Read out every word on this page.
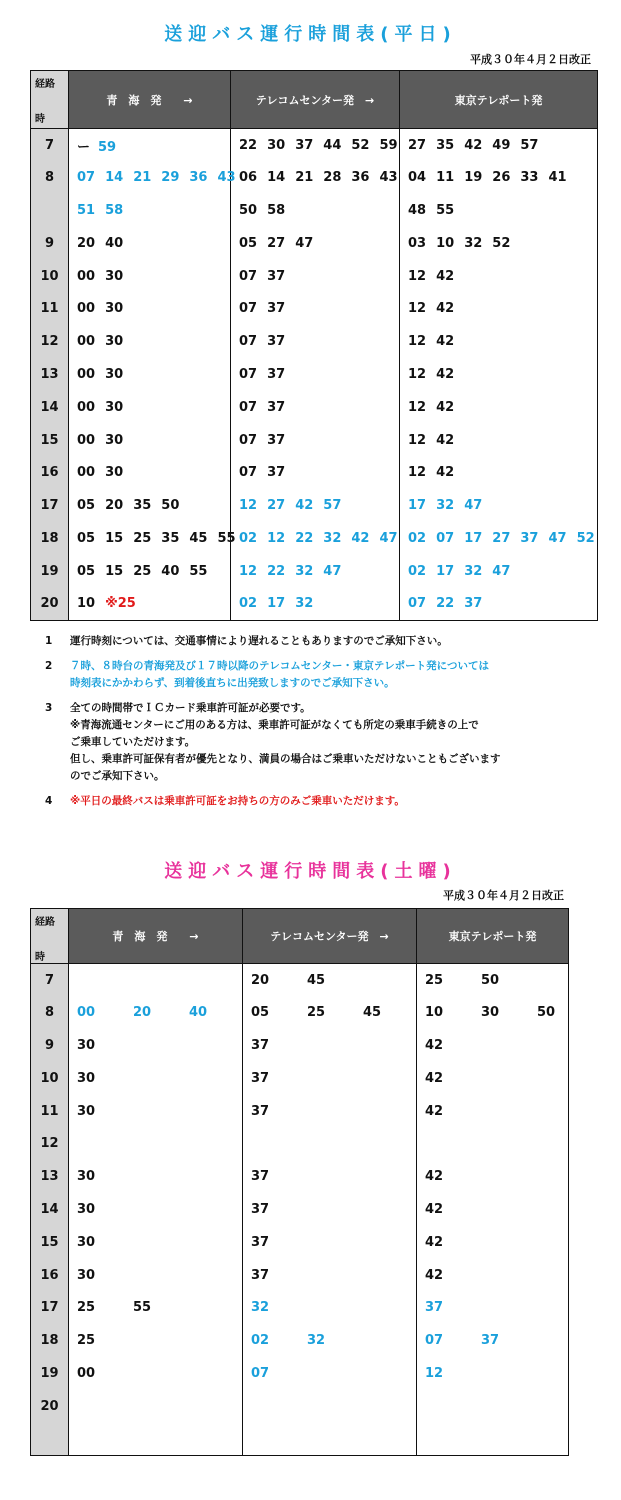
送迎バス運行時間表(平日)
平成３０年４月２日改正
経路
時	青　海　発　　→	テレコムセンター発　→	東京テレポート発
7	ー 59	22 30 37 44 52 59	27 35 42 49 57
8	07 14 21 29 36 43	06 14 21 28 36 43	04 11 19 26 33 41
	51 58	50 58	48 55
9	20 40	05 27 47	03 10 32 52
10	00 30	07 37	12 42
11	00 30	07 37	12 42
12	00 30	07 37	12 42
13	00 30	07 37	12 42
14	00 30	07 37	12 42
15	00 30	07 37	12 42
16	00 30	07 37	12 42
17	05 20 35 50	12 27 42 57	17 32 47
18	05 15 25 35 45 55	02 12 22 32 42 47	02 07 17 27 37 47 52
19	05 15 25 40 55	12 22 32 47	02 17 32 47
20	10 ※25	02 17 32	07 22 37
1	運行時刻については、交通事情により遅れることもありますのでご承知下さい。
2	７時、８時台の青海発及び１７時以降のテレコムセンター・東京テレポート発については
時刻表にかかわらず、到着後直ちに出発致しますのでご承知下さい。
3	全ての時間帯でＩＣカード乗車許可証が必要です。
※青海流通センターにご用のある方は、乗車許可証がなくても所定の乗車手続きの上で
ご乗車していただけます。
但し、乗車許可証保有者が優先となり、満員の場合はご乗車いただけないこともございます
のでご承知下さい。
4	※平日の最終バスは乗車許可証をお持ちの方のみご乗車いただけます。
送迎バス運行時間表(土曜)
平成３０年４月２日改正
経路
時	青　海　発　　→	テレコムセンター発　→	東京テレポート発
7		20 45	25 50
8	00 20 40	05 25 45	10 30 50
9	30	37	42
10	30	37	42
11	30	37	42
12			
13	30	37	42
14	30	37	42
15	30	37	42
16	30	37	42
17	25 55	32	37
18	25	02 32	07 37
19	00	07	12
20			
